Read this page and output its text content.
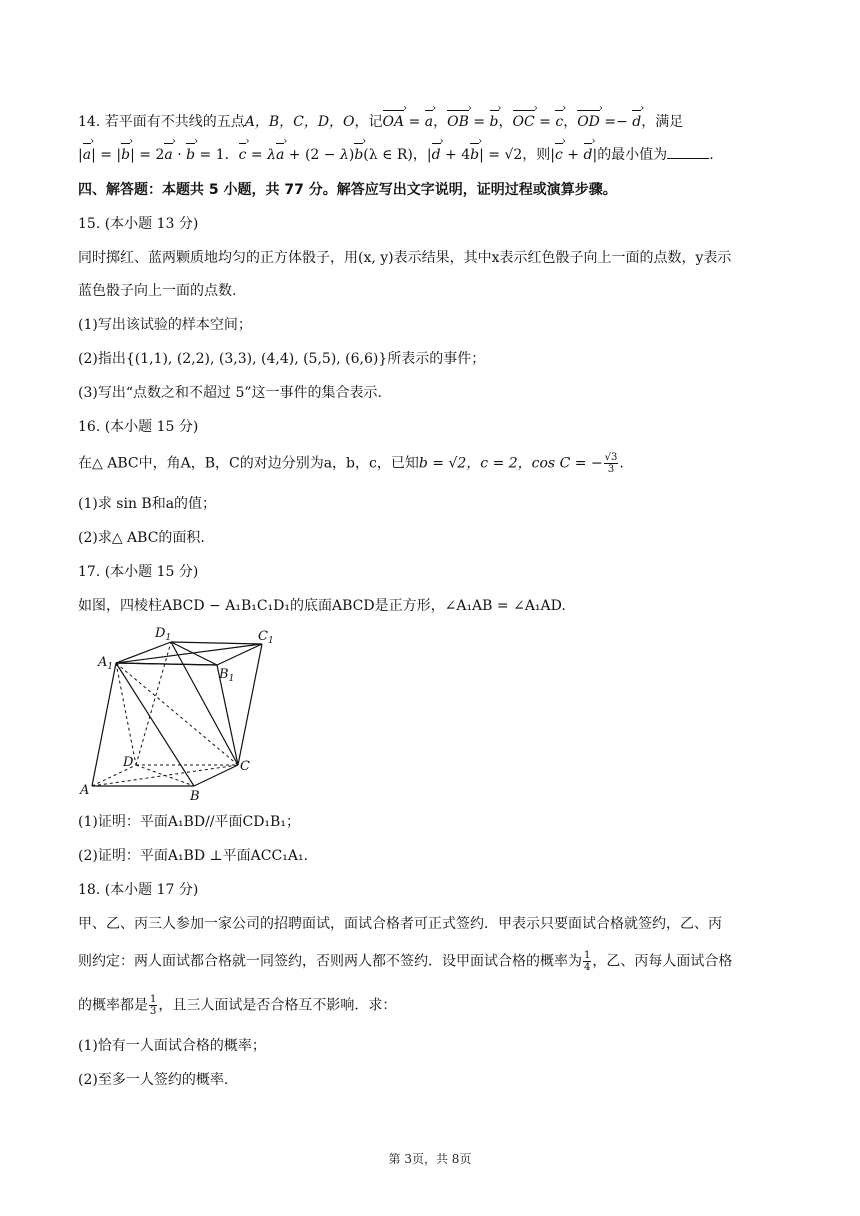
14. 若平面有不共线的五点A，B，C，D，O，记OA › = a ›，OB › = b ›，OC › = c ›，OD › =− d ›，满足
|a ›| = |b ›| = 2a › · b › = 1．c › = λa › + (2 − λ)b ›(λ ∈ R)，|d › + 4b ›| = √2，则|c › + d ›|的最小值为	.
四、解答题：本题共 5 小题，共 77 分。解答应写出文字说明，证明过程或演算步骤。
15. (本小题 13 分)
同时掷红、蓝两颗质地均匀的正方体骰子，用(x, y)表示结果，其中x表示红色骰子向上一面的点数，y表示
蓝色骰子向上一面的点数.
(1)写出该试验的样本空间；
(2)指出{(1,1), (2,2), (3,3), (4,4), (5,5), (6,6)}所表示的事件；
(3)写出“点数之和不超过 5”这一事件的集合表示.
16. (本小题 15 分)
在△ ABC中，角A，B，C的对边分别为a，b，c，已知b = √2，c = 2，cos C = − $\frac{√3}{3}$ .
(1)求 sin B和a的值；
(2)求△ ABC的面积.
17. (本小题 15 分)
如图，四棱柱ABCD − A₁B₁C₁D₁的底面ABCD是正方形，∠A₁AB = ∠A₁AD.
A	B
C
D
$A_1$	$B_1$
$C_1$
$D_1$
(1)证明：平面A₁BD//平面CD₁B₁；
(2)证明：平面A₁BD ⊥平面ACC₁A₁.
18. (本小题 17 分)
甲、乙、丙三人参加一家公司的招聘面试，面试合格者可正式签约．甲表示只要面试合格就签约，乙、丙
则约定：两人面试都合格就一同签约，否则两人都不签约．设甲面试合格的概率为 $\frac{1}{4}$ ，乙、丙每人面试合格
的概率都是 $\frac{1}{3}$ ，且三人面试是否合格互不影响．求：
(1)恰有一人面试合格的概率；
(2)至多一人签约的概率.
第 3页，共 8页
